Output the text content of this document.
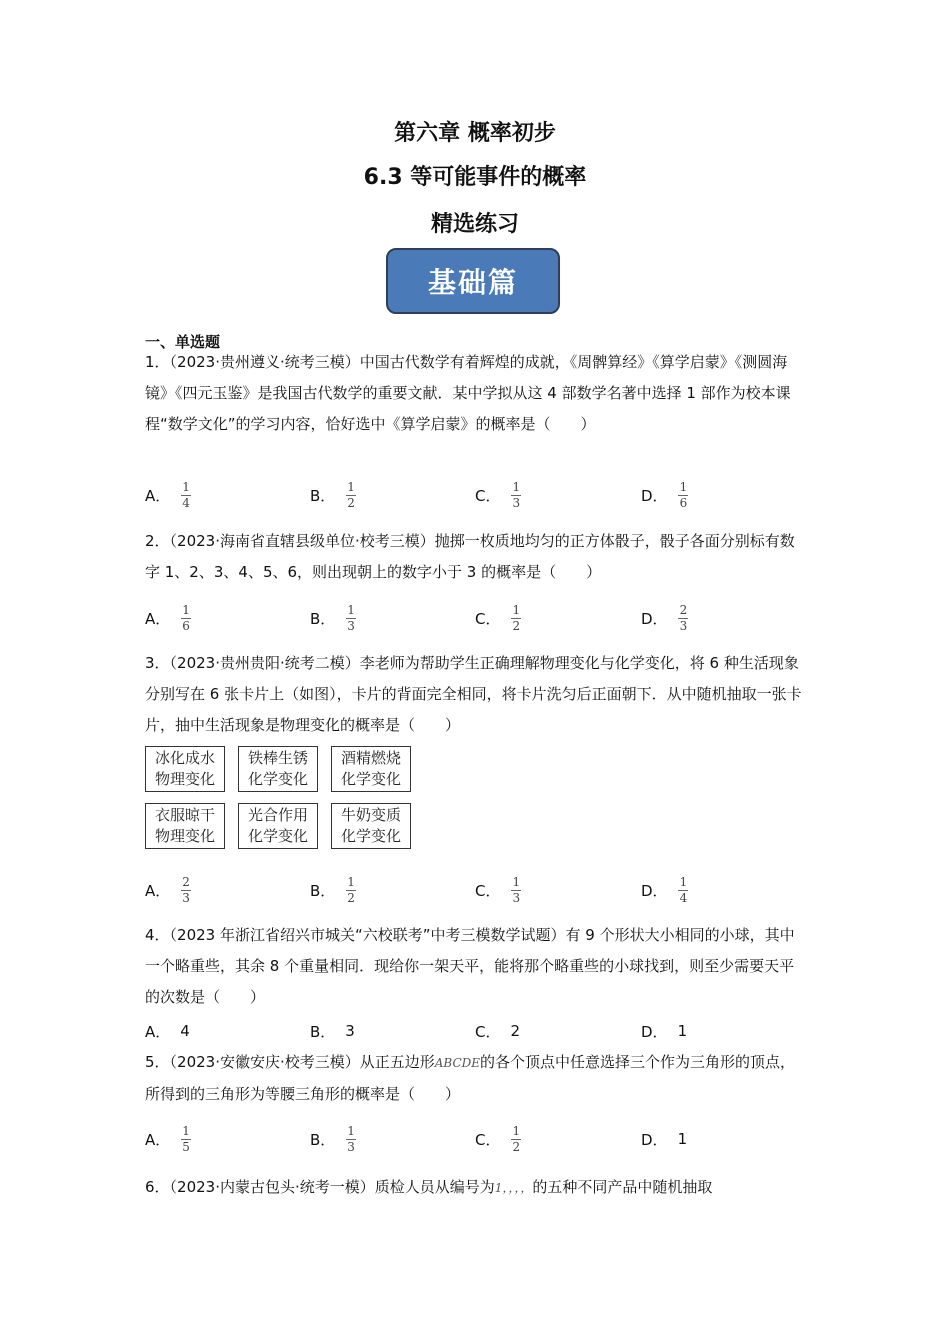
第六章 概率初步
6.3 等可能事件的概率
精选练习
基础篇
一、单选题
1．（2023·贵州遵义·统考三模）中国古代数学有着辉煌的成就，《周髀算经》《算学启蒙》《测圆海镜》《四元玉鉴》是我国古代数学的重要文献．某中学拟从这 4 部数学名著中选择 1 部作为校本课程“数学文化”的学习内容，恰好选中《算学启蒙》的概率是（　　）
A． $\frac{1}{4}$	B． $\frac{1}{2}$	C． $\frac{1}{3}$	D． $\frac{1}{6}$
2．（2023·海南省直辖县级单位·校考三模）抛掷一枚质地均匀的正方体骰子，骰子各面分别标有数字 1、2、3、4、5、6，则出现朝上的数字小于 3 的概率是（　　）
A． $\frac{1}{6}$	B． $\frac{1}{3}$	C． $\frac{1}{2}$	D． $\frac{2}{3}$
3．（2023·贵州贵阳·统考二模）李老师为帮助学生正确理解物理变化与化学变化，将 6 种生活现象分别写在 6 张卡片上（如图），卡片的背面完全相同，将卡片洗匀后正面朝下．从中随机抽取一张卡片，抽中生活现象是物理变化的概率是（　　）
冰化成水
物理变化
铁棒生锈
化学变化
酒精燃烧
化学变化
衣服晾干
物理变化
光合作用
化学变化
牛奶变质
化学变化
A． $\frac{2}{3}$	B． $\frac{1}{2}$	C． $\frac{1}{3}$	D． $\frac{1}{4}$
4．（2023 年浙江省绍兴市城关“六校联考”中考三模数学试题）有 9 个形状大小相同的小球，其中一个略重些，其余 8 个重量相同．现给你一架天平，能将那个略重些的小球找到，则至少需要天平的次数是（　　）
A． 4	B． 3	C． 2	D． 1
5．（2023·安徽安庆·校考三模）从正五边形ABCDE的各个顶点中任意选择三个作为三角形的顶点，所得到的三角形为等腰三角形的概率是（　　）
A． $\frac{1}{5}$	B． $\frac{1}{3}$	C． $\frac{1}{2}$	D． 1
6．（2023·内蒙古包头·统考一模）质检人员从编号为1，，，，的五种不同产品中随机抽取
